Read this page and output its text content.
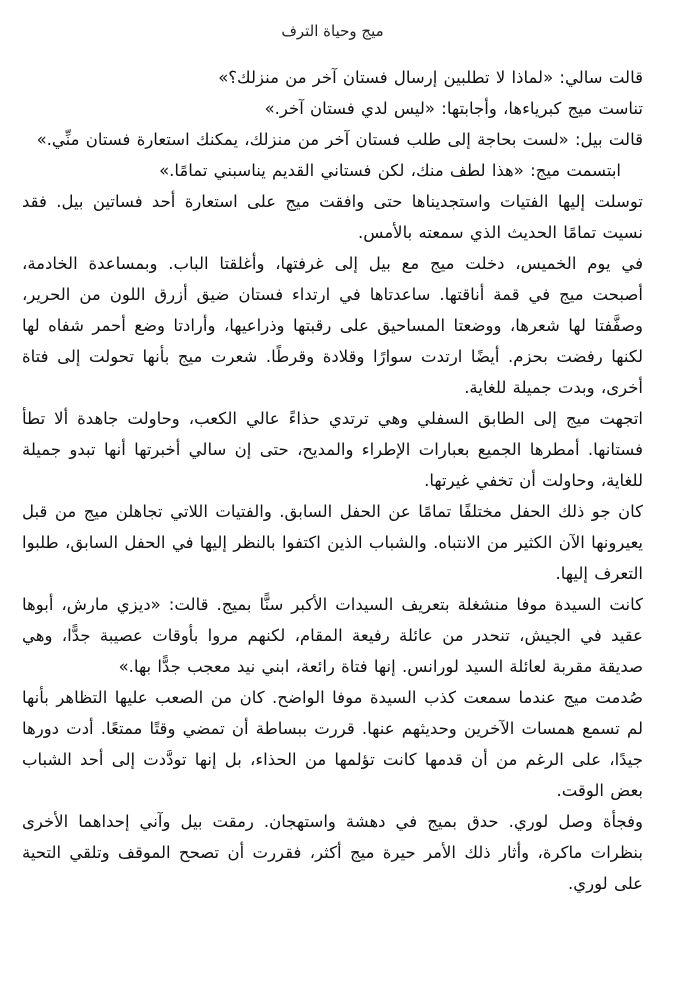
ميج وحياة الترف

قالت سالي: «لماذا لا تطلبين إرسال فستان آخر من منزلك؟»

تناست ميج كبرياءها، وأجابتها: «ليس لدي فستان آخر.»

قالت بيل: «لست بحاجة إلى طلب فستان آخر من منزلك، يمكنك استعارة فستان منِّي.»

ابتسمت ميج: «هذا لطف منك، لكن فستاني القديم يناسبني تمامًا.»

توسلت إليها الفتيات واستجديناها حتى وافقت ميج على استعارة أحد فساتين بيل. فقد نسيت تمامًا الحديث الذي سمعته بالأمس.

في يوم الخميس، دخلت ميج مع بيل إلى غرفتها، وأغلقتا الباب. وبمساعدة الخادمة، أصبحت ميج في قمة أناقتها. ساعدتاها في ارتداء فستان ضيق أزرق اللون من الحرير، وصفَّفتا لها شعرها، ووضعتا المساحيق على رقبتها وذراعيها، وأرادتا وضع أحمر شفاه لها لكنها رفضت بحزم. أيضًا ارتدت سوارًا وقلادة وقرطًا. شعرت ميج بأنها تحولت إلى فتاة أخرى، وبدت جميلة للغاية.

اتجهت ميج إلى الطابق السفلي وهي ترتدي حذاءً عالي الكعب، وحاولت جاهدة ألا تطأ فستانها. أمطرها الجميع بعبارات الإطراء والمديح، حتى إن سالي أخبرتها أنها تبدو جميلة للغاية، وحاولت أن تخفي غيرتها.

كان جو ذلك الحفل مختلفًا تمامًا عن الحفل السابق. والفتيات اللاتي تجاهلن ميج من قبل يعيرونها الآن الكثير من الانتباه. والشباب الذين اكتفوا بالنظر إليها في الحفل السابق، طلبوا التعرف إليها.

كانت السيدة موفا منشغلة بتعريف السيدات الأكبر سنًّا بميج. قالت: «ديزي مارش، أبوها عقيد في الجيش، تنحدر من عائلة رفيعة المقام، لكنهم مروا بأوقات عصيبة جدًّا، وهي صديقة مقربة لعائلة السيد لورانس. إنها فتاة رائعة، ابني نيد معجب جدًّا بها.»

صُدمت ميج عندما سمعت كذب السيدة موفا الواضح. كان من الصعب عليها التظاهر بأنها لم تسمع همسات الآخرين وحديثهم عنها. قررت ببساطة أن تمضي وقتًا ممتعًا. أدت دورها جيدًا، على الرغم من أن قدمها كانت تؤلمها من الحذاء، بل إنها تودَّدت إلى أحد الشباب بعض الوقت.

وفجأة وصل لوري. حدق بميج في دهشة واستهجان. رمقت بيل وآني إحداهما الأخرى بنظرات ماكرة، وأثار ذلك الأمر حيرة ميج أكثر، فقررت أن تصحح الموقف وتلقي التحية على لوري.
